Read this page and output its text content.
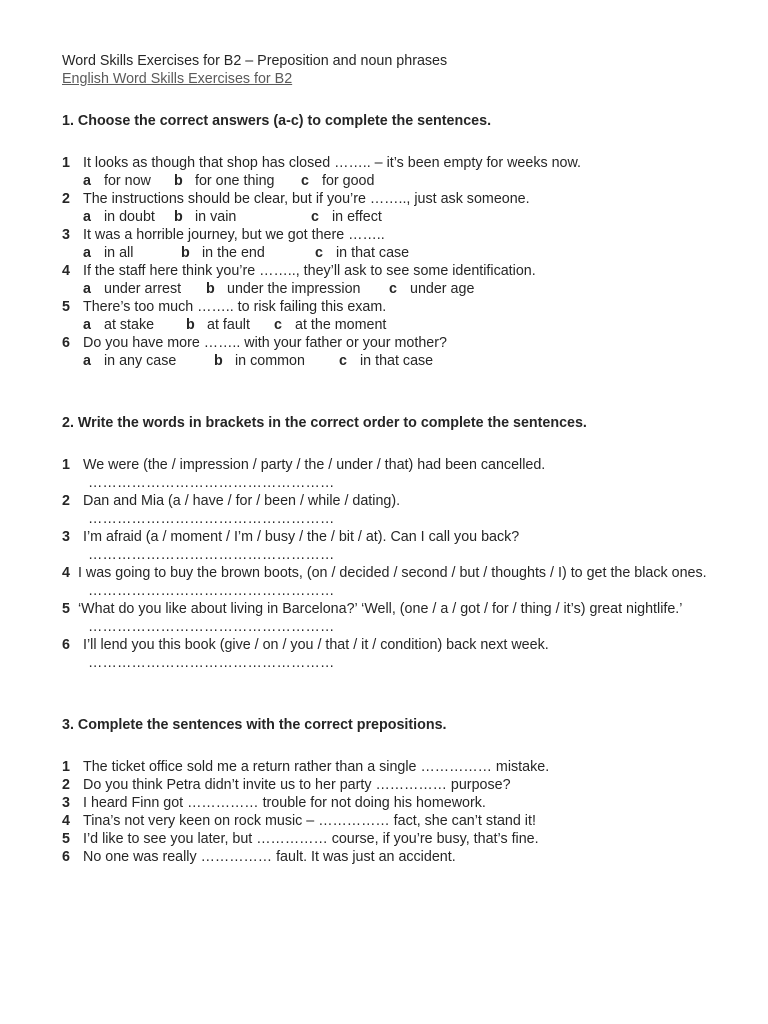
Word Skills Exercises for B2 – Preposition and noun phrases
English Word Skills Exercises for B2
1. Choose the correct answers (a-c) to complete the sentences.
1 It looks as though that shop has closed …….. – it’s been empty for weeks now.
a for now b for one thing c for good
2 The instructions should be clear, but if you’re …….., just ask someone.
a in doubt b in vain	c in effect
3 It was a horrible journey, but we got there ……..
a in all	b in the end	c in that case
4 If the staff here think you’re …….., they’ll ask to see some identification.
a under arrest b under the impression c under age
5 There’s too much …….. to risk failing this exam.
a at stake b at fault c at the moment
6 Do you have more …….. with your father or your mother?
a in any case	b in common c in that case
2. Write the words in brackets in the correct order to complete the sentences.
1 We were (the / impression / party / the / under / that) had been cancelled.
……………………………………………
2 Dan and Mia (a / have / for / been / while / dating).
……………………………………………
3 I’m afraid (a / moment / I’m / busy / the / bit / at). Can I call you back?
……………………………………………
4 I was going to buy the brown boots, (on / decided / second / but / thoughts / I) to get the black ones.
……………………………………………
5 ‘What do you like about living in Barcelona?’ ‘Well, (one / a / got / for / thing / it’s) great nightlife.’
……………………………………………
6 I’ll lend you this book (give / on / you / that / it / condition) back next week.
……………………………………………
3. Complete the sentences with the correct prepositions.
1 The ticket office sold me a return rather than a single …………… mistake.
2 Do you think Petra didn’t invite us to her party …………… purpose?
3 I heard Finn got …………… trouble for not doing his homework.
4 Tina’s not very keen on rock music – …………… fact, she can’t stand it!
5 I’d like to see you later, but …………… course, if you’re busy, that’s fine.
6 No one was really …………… fault. It was just an accident.
